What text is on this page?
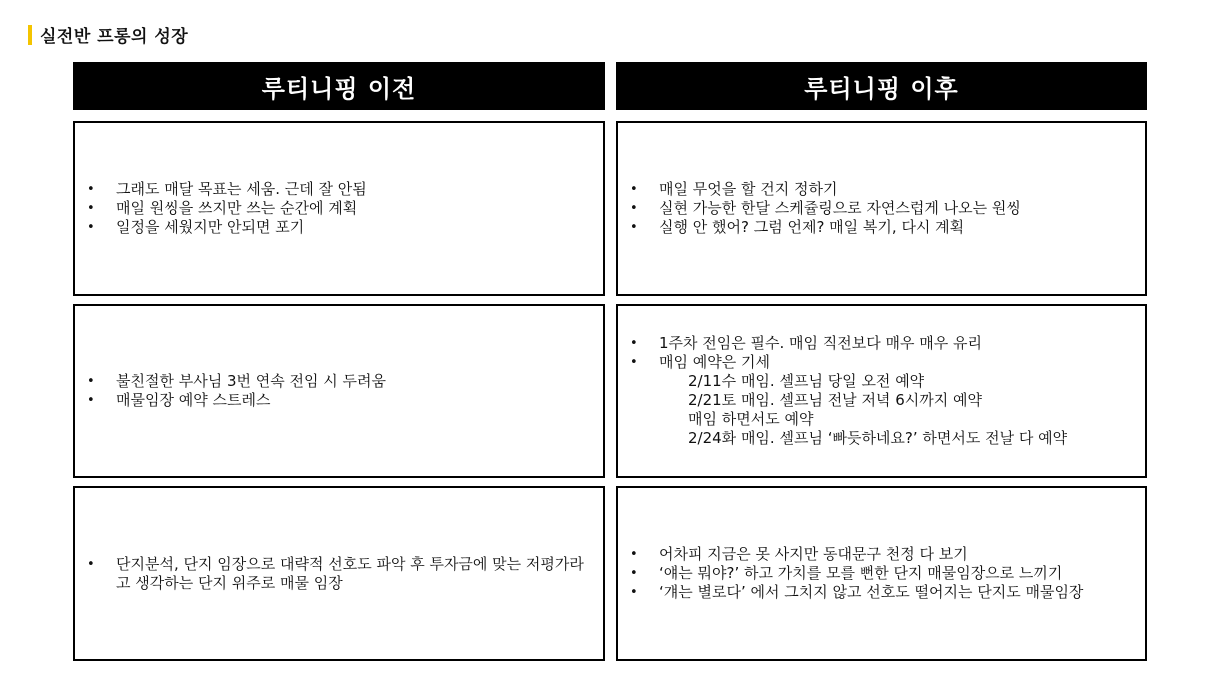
실전반 프롱의 성장
루티니핑 이전	루티니핑 이후
• 그래도 매달 목표는 세움. 근데 잘 안됨
• 매일 원씽을 쓰지만 쓰는 순간에 계획
• 일정을 세웠지만 안되면 포기
• 매일 무엇을 할 건지 정하기
• 실현 가능한 한달 스케쥴링으로 자연스럽게 나오는 원씽
• 실행 안 했어? 그럼 언제? 매일 복기, 다시 계획
• 불친절한 부사님 3번 연속 전임 시 두려움
• 매물임장 예약 스트레스
• 1주차 전임은 필수. 매임 직전보다 매우 매우 유리
• 매임 예약은 기세
2/11수 매임. 셀프님 당일 오전 예약
2/21토 매임. 셀프님 전날 저녁 6시까지 예약
매임 하면서도 예약
2/24화 매임. 셀프님 ‘빠듯하네요?’ 하면서도 전날 다 예약
• 단지분석, 단지 임장으로 대략적 선호도 파악 후 투자금에 맞는 저평가라고 생각하는 단지 위주로 매물 임장
• 어차피 지금은 못 사지만 동대문구 천정 다 보기
• ‘얘는 뭐야?’ 하고 가치를 모를 뻔한 단지 매물임장으로 느끼기
• ‘걔는 별로다’ 에서 그치지 않고 선호도 떨어지는 단지도 매물임장
